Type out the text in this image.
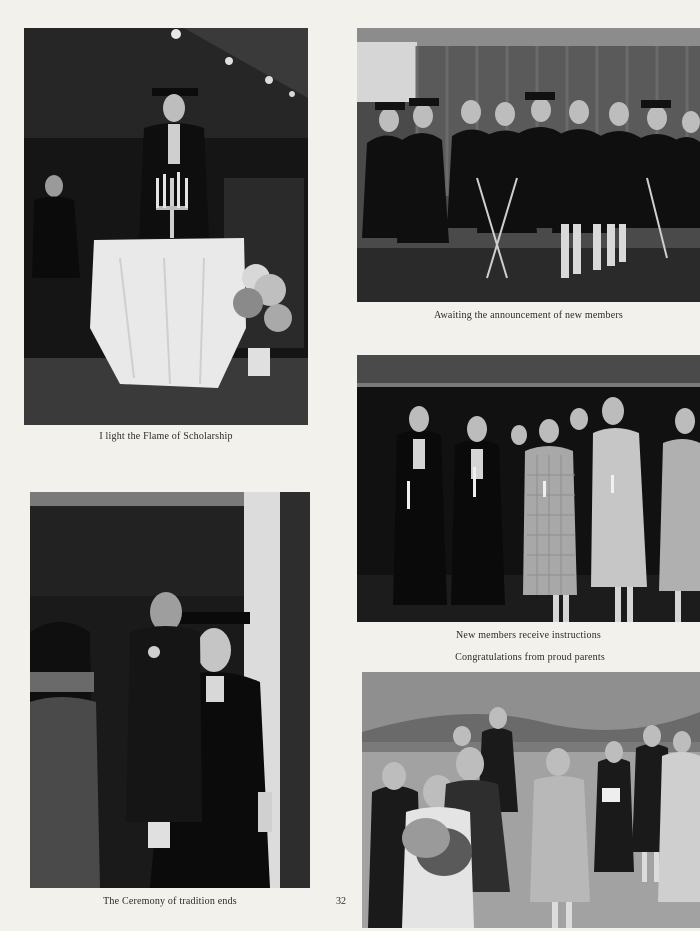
I light the Flame of Scholarship
Awaiting the announcement of new members
New members receive instructions
The Ceremony of tradition ends	32
Congratulations from proud parents
